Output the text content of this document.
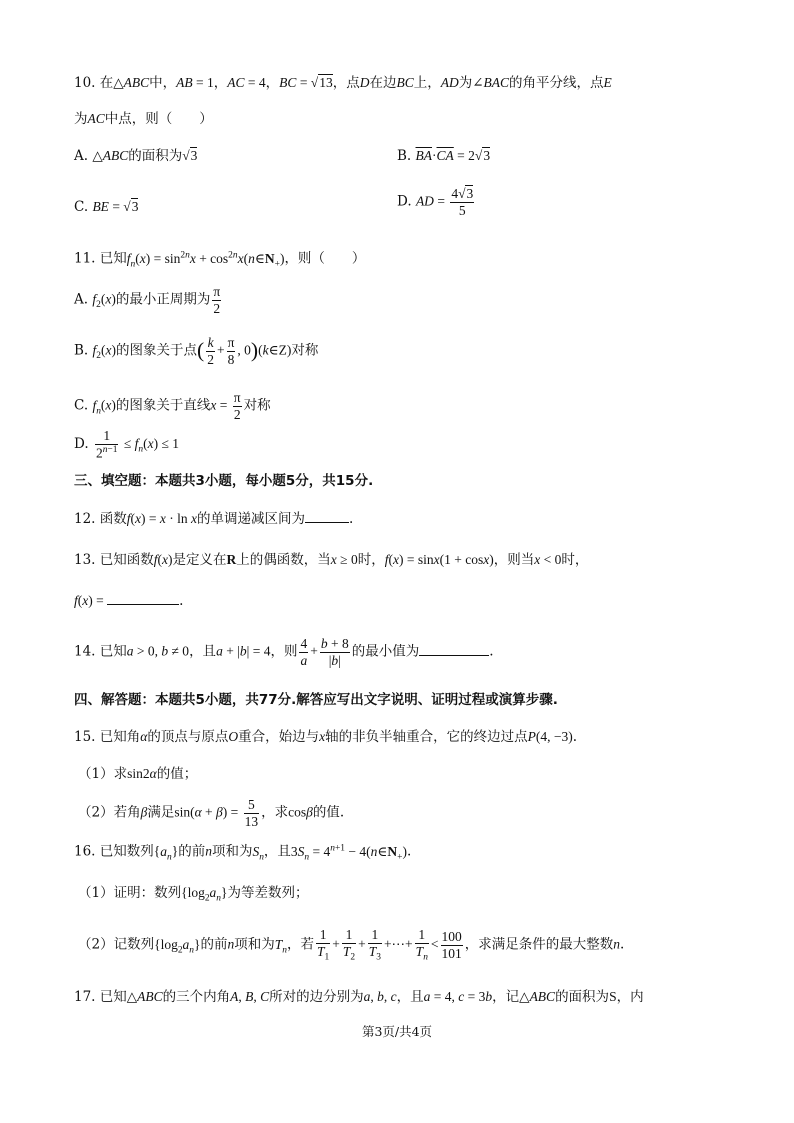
10. 在△ABC中，AB = 1，AC = 4，BC = √13，点D在边BC上，AD为∠BAC的角平分线，点E
为AC中点，则（　　）
A. △ABC的面积为√3	B. $\overline{BA}\cdot\overline{CA} = 2√3$
C. BE = √3	D. AD = $\frac{4√3}{5}$
11. 已知$f_n(x) = \sin^{2n}x$ + $\cos^{2n}x(n\in N_+)$，则（　　）
A. $f_2(x)$的最小正周期为 $\frac{\pi}{2}$
B. $f_2(x)$的图象关于点( $\frac{k}{2} + \frac{\pi}{8}$ , 0)(k∈Z)对称
C. $f_n(x)$的图象关于直线$x = \frac{\pi}{2}$ 对称
D. $\frac{1}{2^{n-1}} \le f_n(x) \le 1$
三、填空题：本题共3小题，每小题5分，共15分.
12. 函数f(x) = x · ln x的单调递减区间为	.
13. 已知函数f(x)是定义在R上的偶函数，当x ≥ 0时，f(x) = sinx(1 + cosx)，则当x < 0时，
f(x) =	.
14. 已知a > 0, b ≠ 0，且a + |b| = 4，则 $\frac{4}{a} + \frac{b + 8}{|b|}$ 的最小值为	.
四、解答题：本题共5小题，共77分.解答应写出文字说明、证明过程或演算步骤.
15. 已知角α的顶点与原点O重合，始边与x轴的非负半轴重合，它的终边过点P(4, −3).
（1）求sin2α的值；
（2）若角β满足$\sin(\alpha + \beta) = \frac{5}{13}$ ，求cosβ的值.
16. 已知数列$\{a_n\}$的前n项和为$S_n$，且$3S_n = 4^{n+1}$ − $4(n\in N_+)$.
（1）证明：数列$\{\log_2a_n\}$为等差数列；
（2）记数列$\{\log_2a_n\}$的前n项和为$T_n$，若 $\frac{1}{T_1} + \frac{1}{T_2} + \frac{1}{T_3}$ +⋯+ $\frac{1}{T_n} < \frac{100}{101}$ ，求满足条件的最大整数n.
17. 已知△ABC的三个内角A, B, C所对的边分别为a, b, c，且a = 4, c = 3b，记△ABC的面积为S，内
第3页/共4页
